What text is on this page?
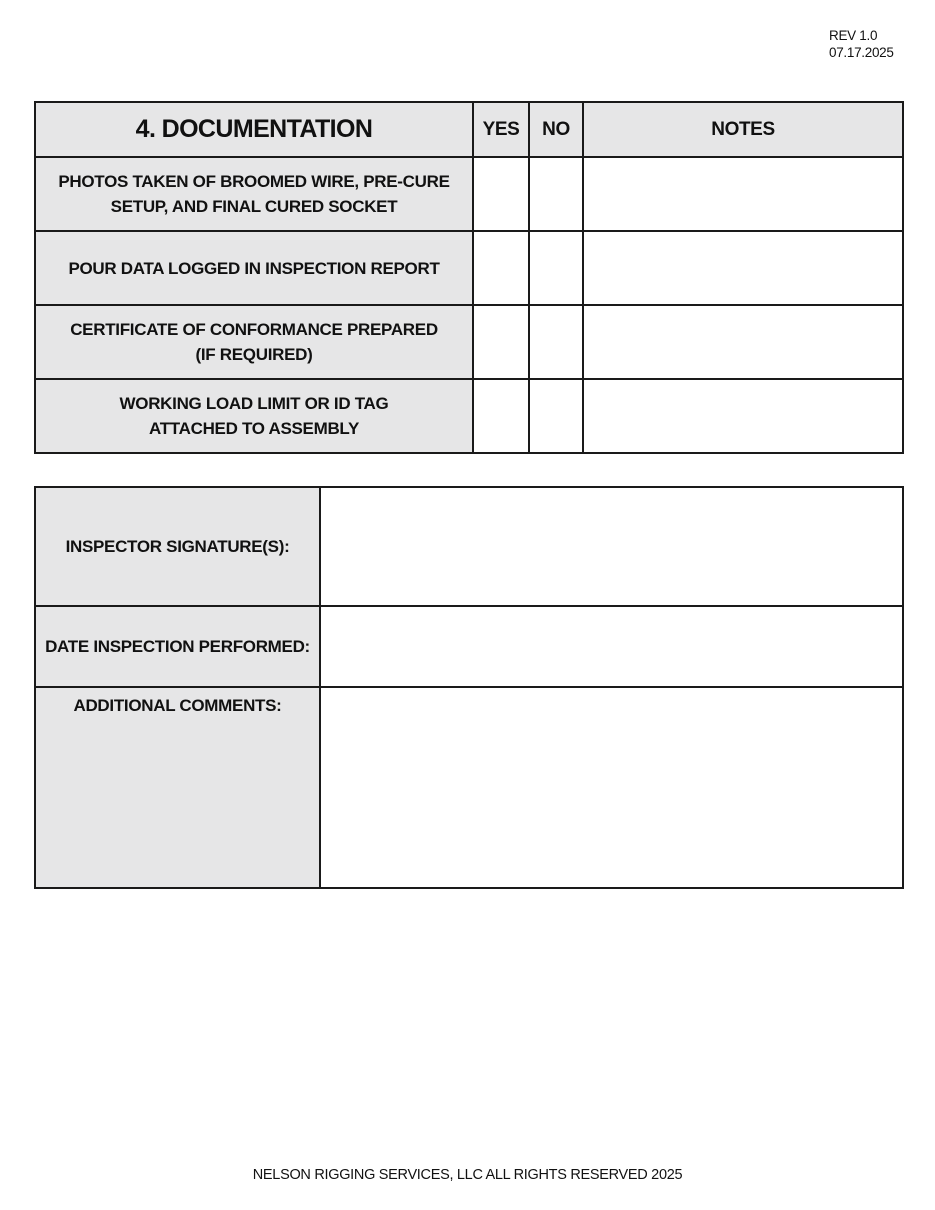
REV 1.0
07.17.2025
4. DOCUMENTATION	YES	NO	NOTES

PHOTOS TAKEN OF BROOMED WIRE, PRE-CURE
SETUP, AND FINAL CURED SOCKET			

POUR DATA LOGGED IN INSPECTION REPORT			

CERTIFICATE OF CONFORMANCE PREPARED
(IF REQUIRED)			

WORKING LOAD LIMIT OR ID TAG
ATTACHED TO ASSEMBLY			

INSPECTOR SIGNATURE(S):	
DATE INSPECTION PERFORMED:	
ADDITIONAL COMMENTS:	
NELSON RIGGING SERVICES, LLC ALL RIGHTS RESERVED 2025
